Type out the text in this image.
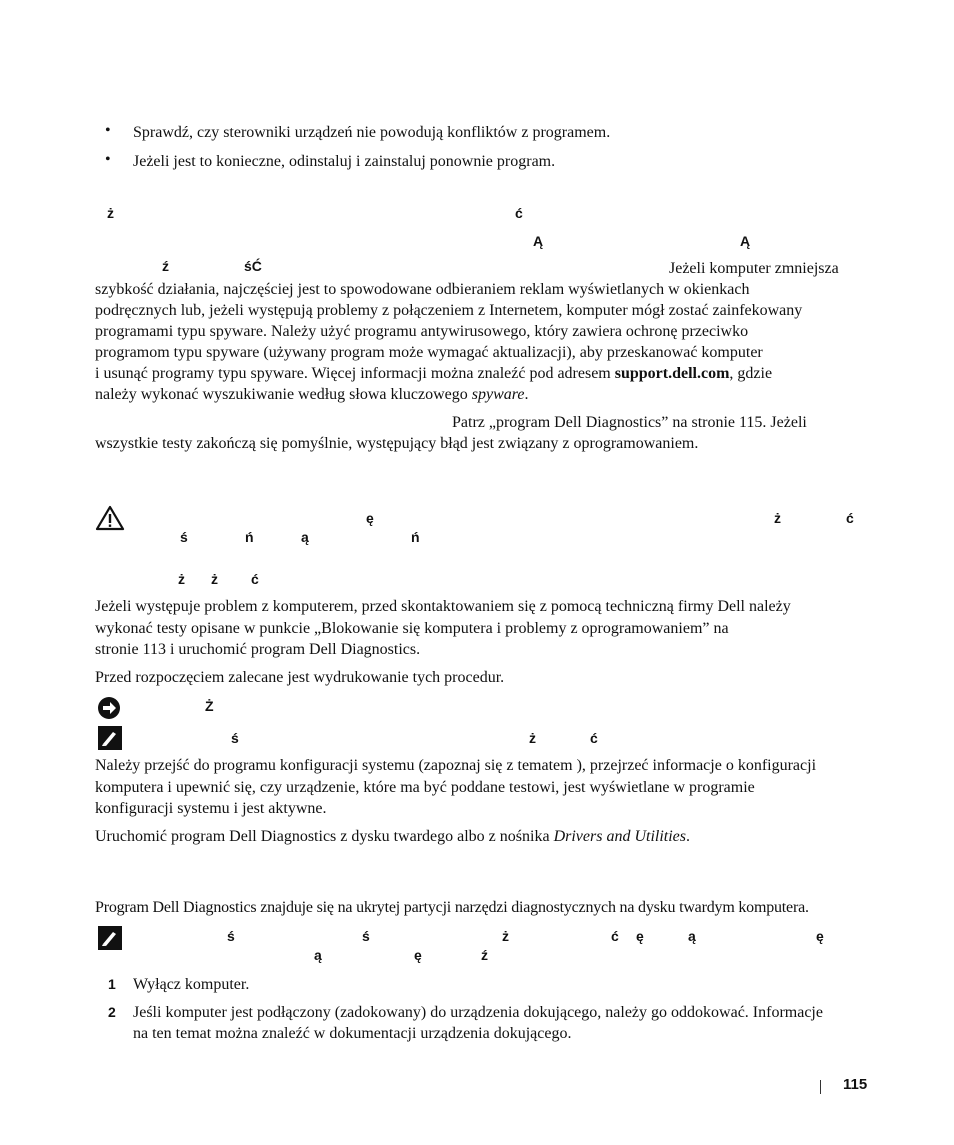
• Sprawdź, czy sterowniki urządzeń nie powodują konfliktów z programem.
• Jeżeli jest to konieczne, odinstaluj i zainstaluj ponownie program.
ż	ć
Ą	Ą
ź	śĆ	Jeżeli komputer zmniejsza
szybkość działania, najczęściej jest to spowodowane odbieraniem reklam wyświetlanych w okienkach
podręcznych lub, jeżeli występują problemy z połączeniem z Internetem, komputer mógł zostać zainfekowany
programami typu spyware. Należy użyć programu antywirusowego, który zawiera ochronę przeciwko
programom typu spyware (używany program może wymagać aktualizacji), aby przeskanować komputer
i usunąć programy typu spyware. Więcej informacji można znaleźć pod adresem support.dell.com, gdzie
należy wykonać wyszukiwanie według słowa kluczowego spyware.
Patrz „program Dell Diagnostics” na stronie 115. Jeżeli
wszystkie testy zakończą się pomyślnie, występujący błąd jest związany z oprogramowaniem.
ę	ż	ć
ś	ń	ą	ń
ż ż ć
Jeżeli występuje problem z komputerem, przed skontaktowaniem się z pomocą techniczną firmy Dell należy
wykonać testy opisane w punkcie „Blokowanie się komputera i problemy z oprogramowaniem” na
stronie 113 i uruchomić program Dell Diagnostics.
Przed rozpoczęciem zalecane jest wydrukowanie tych procedur.
Ż
ś	ż	ć
Należy przejść do programu konfiguracji systemu (zapoznaj się z tematem ), przejrzeć informacje o konfiguracji
komputera i upewnić się, czy urządzenie, które ma być poddane testowi, jest wyświetlane w programie
konfiguracji systemu i jest aktywne.
Uruchomić program Dell Diagnostics z dysku twardego albo z nośnika Drivers and Utilities.
Program Dell Diagnostics znajduje się na ukrytej partycji narzędzi diagnostycznych na dysku twardym komputera.
ś	ś	ż	ć ę	ą	ę
ą	ę	ź
1 Wyłącz komputer.
2 Jeśli komputer jest podłączony (zadokowany) do urządzenia dokującego, należy go oddokować. Informacje
na ten temat można znaleźć w dokumentacji urządzenia dokującego.
115
